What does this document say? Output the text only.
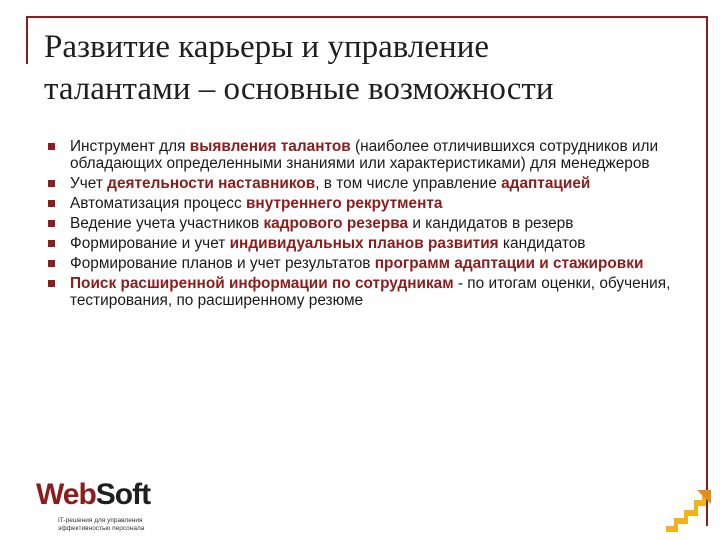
Развитие карьеры и управление
талантами – основные возможности
Инструмент для выявления талантов (наиболее отличившихся сотрудников или обладающих определенными знаниями или характеристиками) для менеджеров
Учет деятельности наставников, в том числе управление адаптацией
Автоматизация процесс внутреннего рекрутмента
Ведение учета участников кадрового резерва и кандидатов в резерв
Формирование и учет индивидуальных планов развития кандидатов
Формирование планов и учет результатов программ адаптации и стажировки
Поиск расширенной информации по сотрудникам - по итогам оценки, обучения, тестирования, по расширенному резюме
WebSoft
IT-решения для управления
эффективностью персонала
